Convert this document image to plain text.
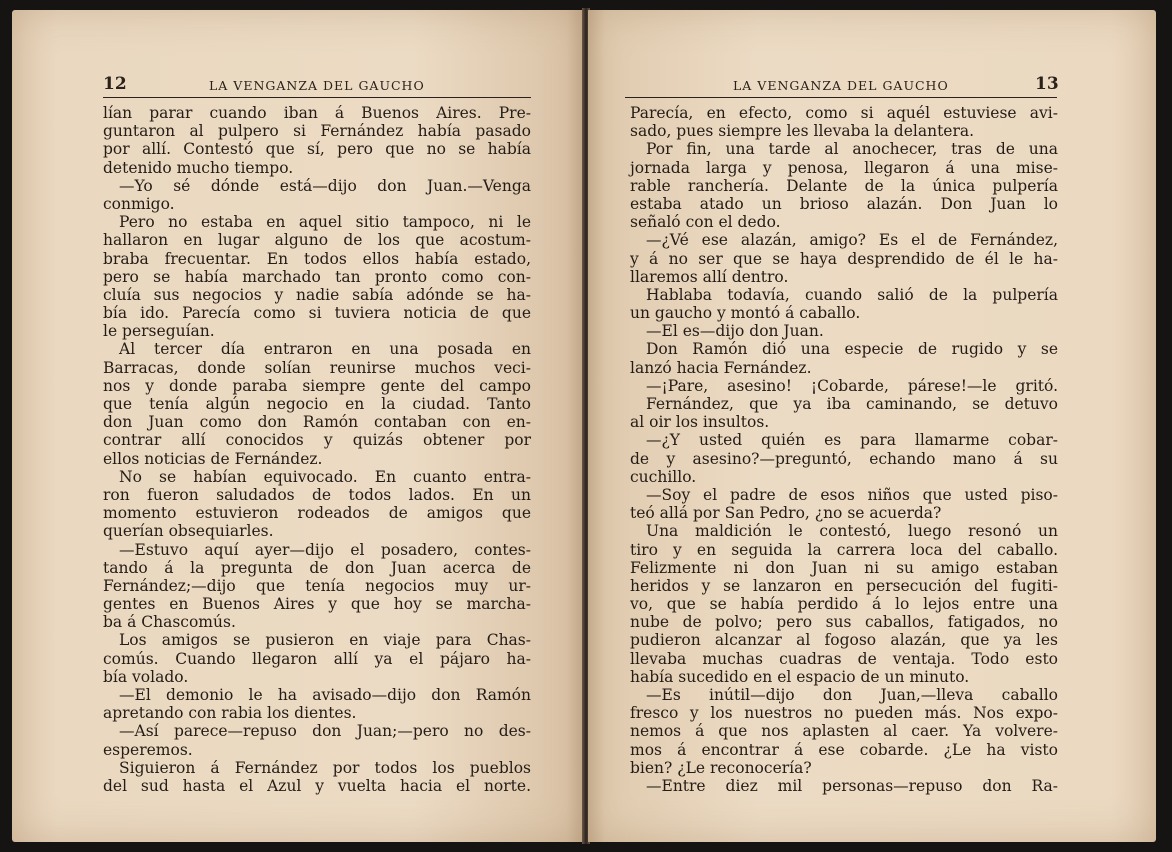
12	LA VENGANZA DEL GAUCHO
lían parar cuando iban á Buenos Aires. Pre-
guntaron al pulpero si Fernández había pasado
por allí. Contestó que sí, pero que no se había
detenido mucho tiempo.
—Yo sé dónde está—dijo don Juan.—Venga
conmigo.
Pero no estaba en aquel sitio tampoco, ni le
hallaron en lugar alguno de los que acostum-
braba frecuentar. En todos ellos había estado,
pero se había marchado tan pronto como con-
cluía sus negocios y nadie sabía adónde se ha-
bía ido. Parecía como si tuviera noticia de que
le perseguían.
Al tercer día entraron en una posada en
Barracas, donde solían reunirse muchos veci-
nos y donde paraba siempre gente del campo
que tenía algún negocio en la ciudad. Tanto
don Juan como don Ramón contaban con en-
contrar allí conocidos y quizás obtener por
ellos noticias de Fernández.
No se habían equivocado. En cuanto entra-
ron fueron saludados de todos lados. En un
momento estuvieron rodeados de amigos que
querían obsequiarles.
—Estuvo aquí ayer—dijo el posadero, contes-
tando á la pregunta de don Juan acerca de
Fernández;—dijo que tenía negocios muy ur-
gentes en Buenos Aires y que hoy se marcha-
ba á Chascomús.
Los amigos se pusieron en viaje para Chas-
comús. Cuando llegaron allí ya el pájaro ha-
bía volado.
—El demonio le ha avisado—dijo don Ramón
apretando con rabia los dientes.
—Así parece—repuso don Juan;—pero no des-
esperemos.
Siguieron á Fernández por todos los pueblos
del sud hasta el Azul y vuelta hacia el norte.
LA VENGANZA DEL GAUCHO	13
Parecía, en efecto, como si aquél estuviese avi-
sado, pues siempre les llevaba la delantera.
Por fin, una tarde al anochecer, tras de una
jornada larga y penosa, llegaron á una mise-
rable ranchería. Delante de la única pulpería
estaba atado un brioso alazán. Don Juan lo
señaló con el dedo.
—¿Vé ese alazán, amigo? Es el de Fernández,
y á no ser que se haya desprendido de él le ha-
llaremos allí dentro.
Hablaba todavía, cuando salió de la pulpería
un gaucho y montó á caballo.
—El es—dijo don Juan.
Don Ramón dió una especie de rugido y se
lanzó hacia Fernández.
—¡Pare, asesino! ¡Cobarde, párese!—le gritó.
Fernández, que ya iba caminando, se detuvo
al oir los insultos.
—¿Y usted quién es para llamarme cobar-
de y asesino?—preguntó, echando mano á su
cuchillo.
—Soy el padre de esos niños que usted piso-
teó allá por San Pedro, ¿no se acuerda?
Una maldición le contestó, luego resonó un
tiro y en seguida la carrera loca del caballo.
Felizmente ni don Juan ni su amigo estaban
heridos y se lanzaron en persecución del fugiti-
vo, que se había perdido á lo lejos entre una
nube de polvo; pero sus caballos, fatigados, no
pudieron alcanzar al fogoso alazán, que ya les
llevaba muchas cuadras de ventaja. Todo esto
había sucedido en el espacio de un minuto.
—Es inútil—dijo don Juan,—lleva caballo
fresco y los nuestros no pueden más. Nos expo-
nemos á que nos aplasten al caer. Ya volvere-
mos á encontrar á ese cobarde. ¿Le ha visto
bien? ¿Le reconocería?
—Entre diez mil personas—repuso don Ra-
